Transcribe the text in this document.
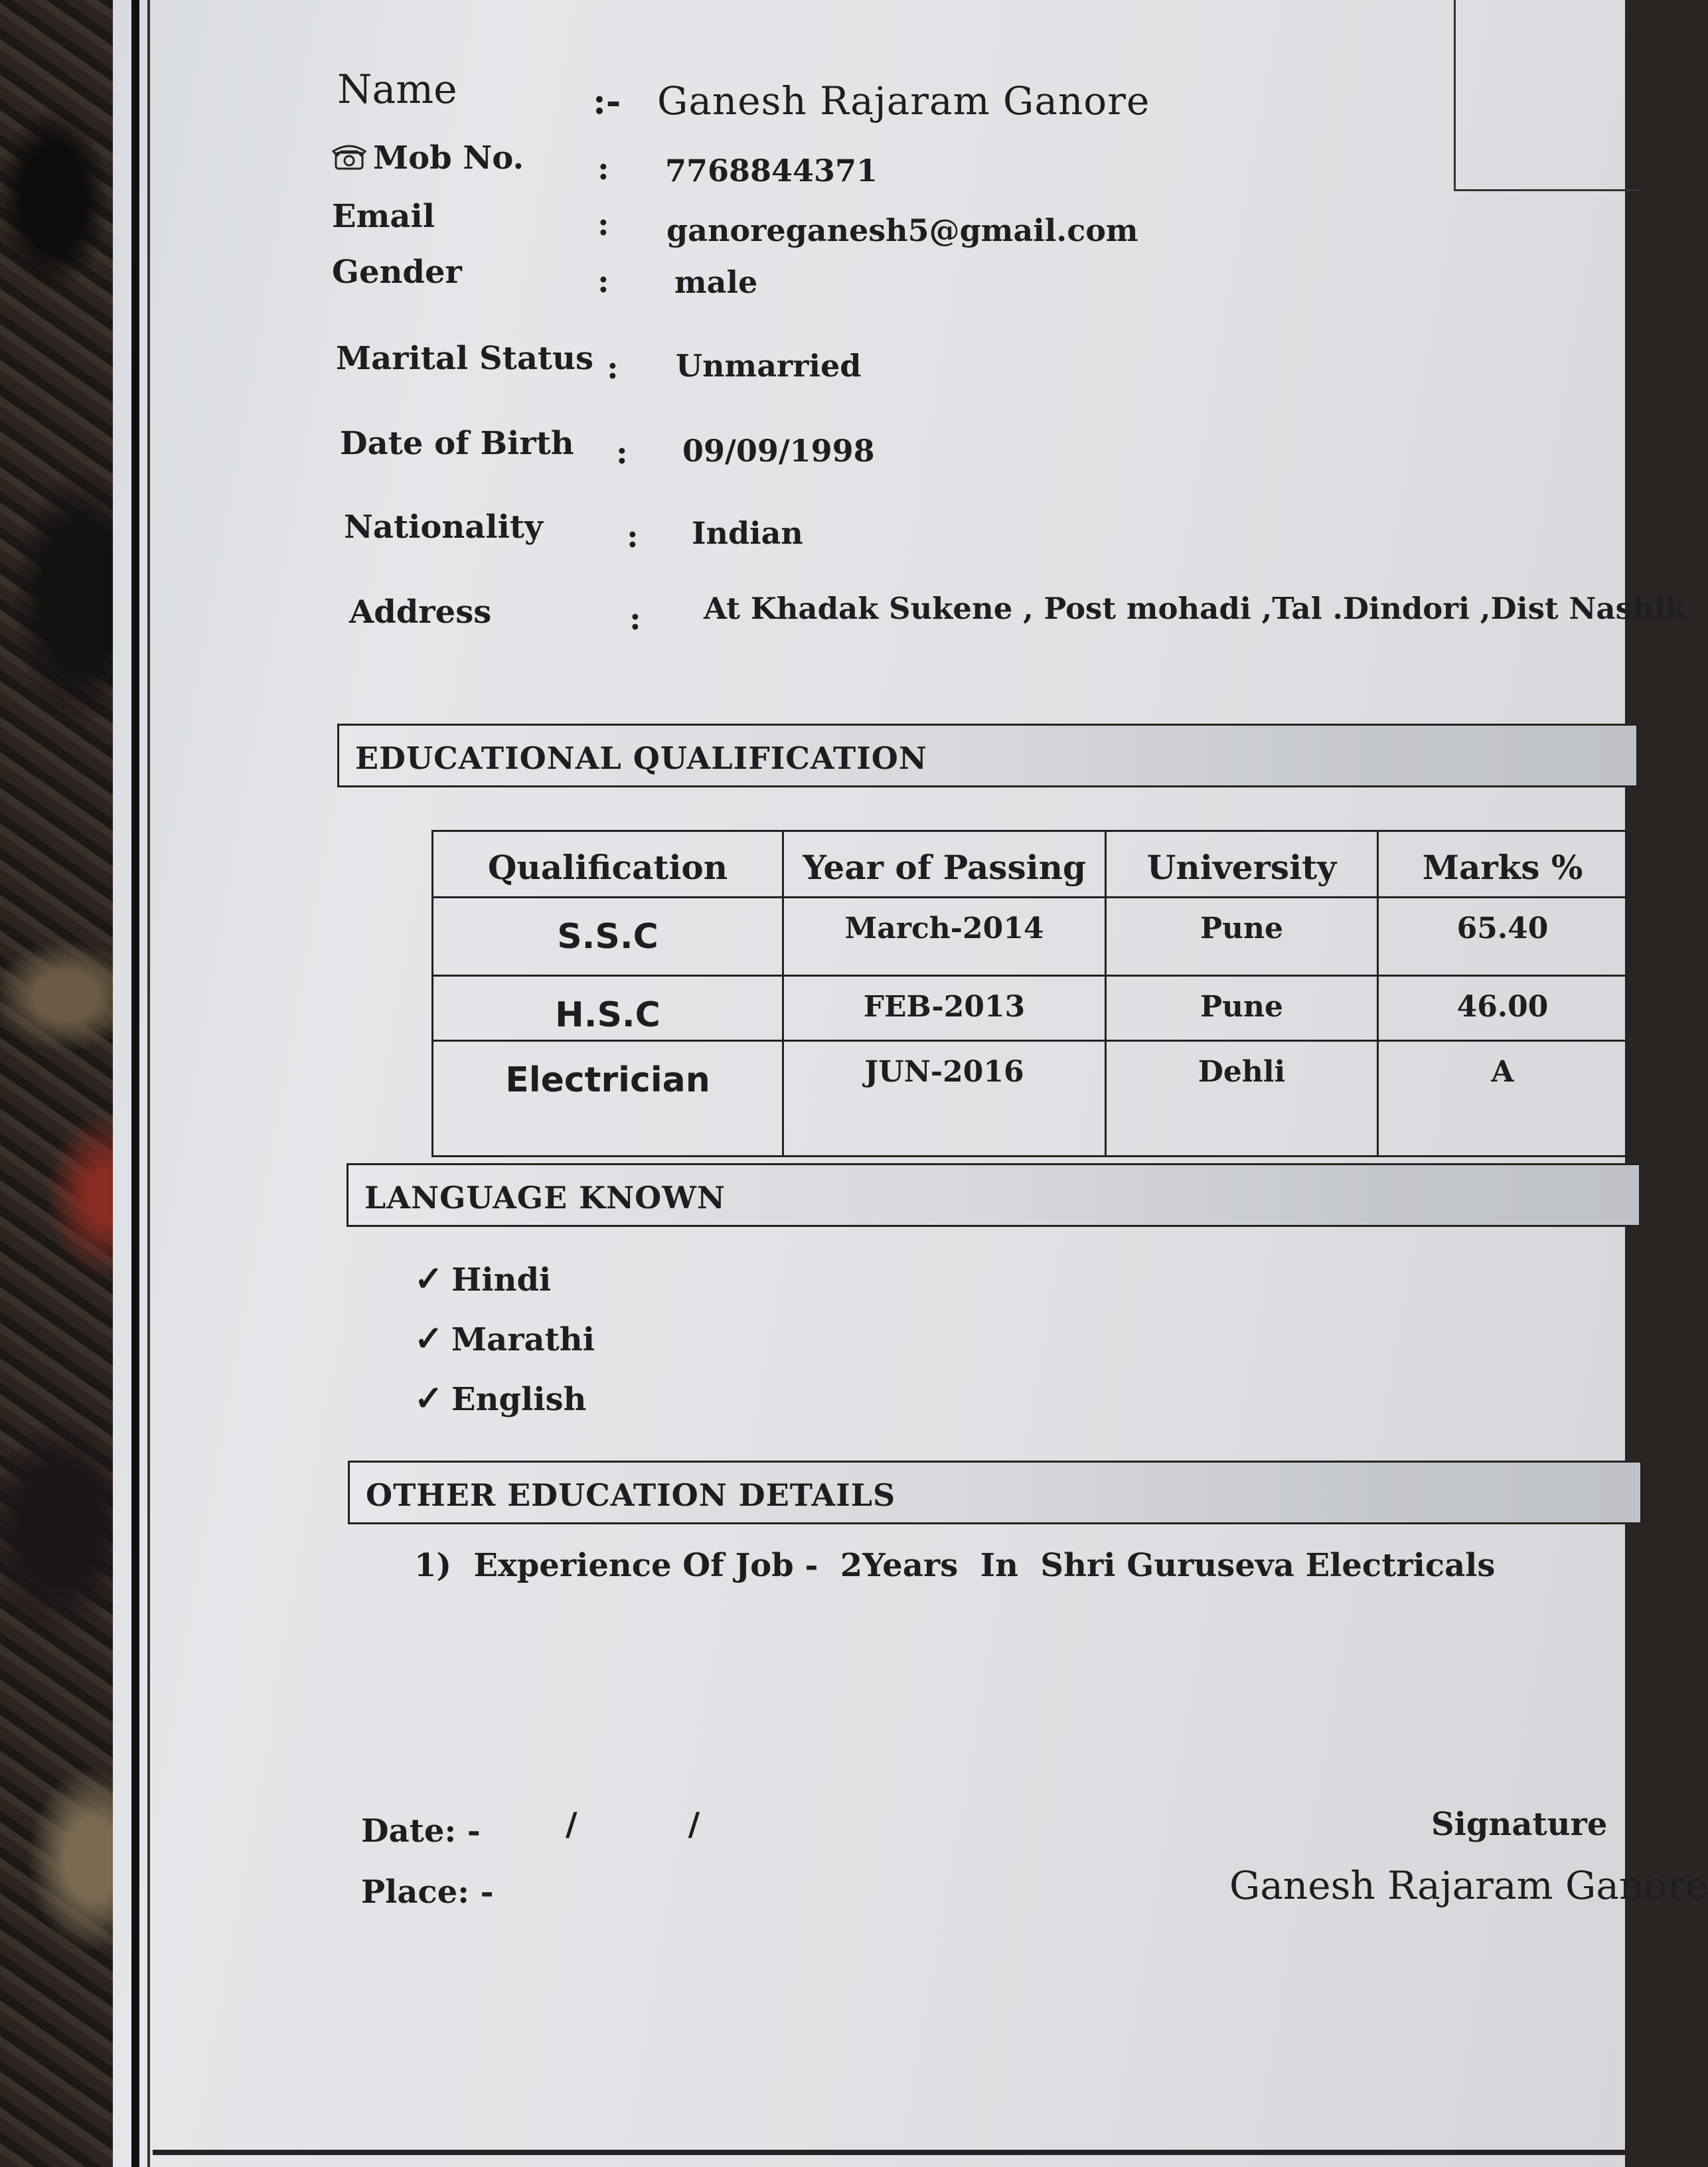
Name	:- Ganesh Rajaram Ganore
Mob No. : 7768844371
Email	: ganoreganesh5@gmail.com
Gender	: male
Marital Status : Unmarried
Date of Birth : 09/09/1998
Nationality	: Indian
Address	: At Khadak Sukene , Post mohadi ,Tal .Dindori ,Dist Nashik
EDUCATIONAL QUALIFICATION
Qualification	Year of Passing	University	Marks %
S.S.C	March-2014	Pune	65.40
H.S.C	FEB-2013	Pune	46.00
Electrician	JUN-2016	Dehli	A
LANGUAGE KNOWN
✓ Hindi
✓ Marathi
✓ English
OTHER EDUCATION DETAILS
1)  Experience Of Job -  2Years  In  Shri Guruseva Electricals
Date: -	/          /
Place: -
Signature
Ganesh Rajaram Ganore
